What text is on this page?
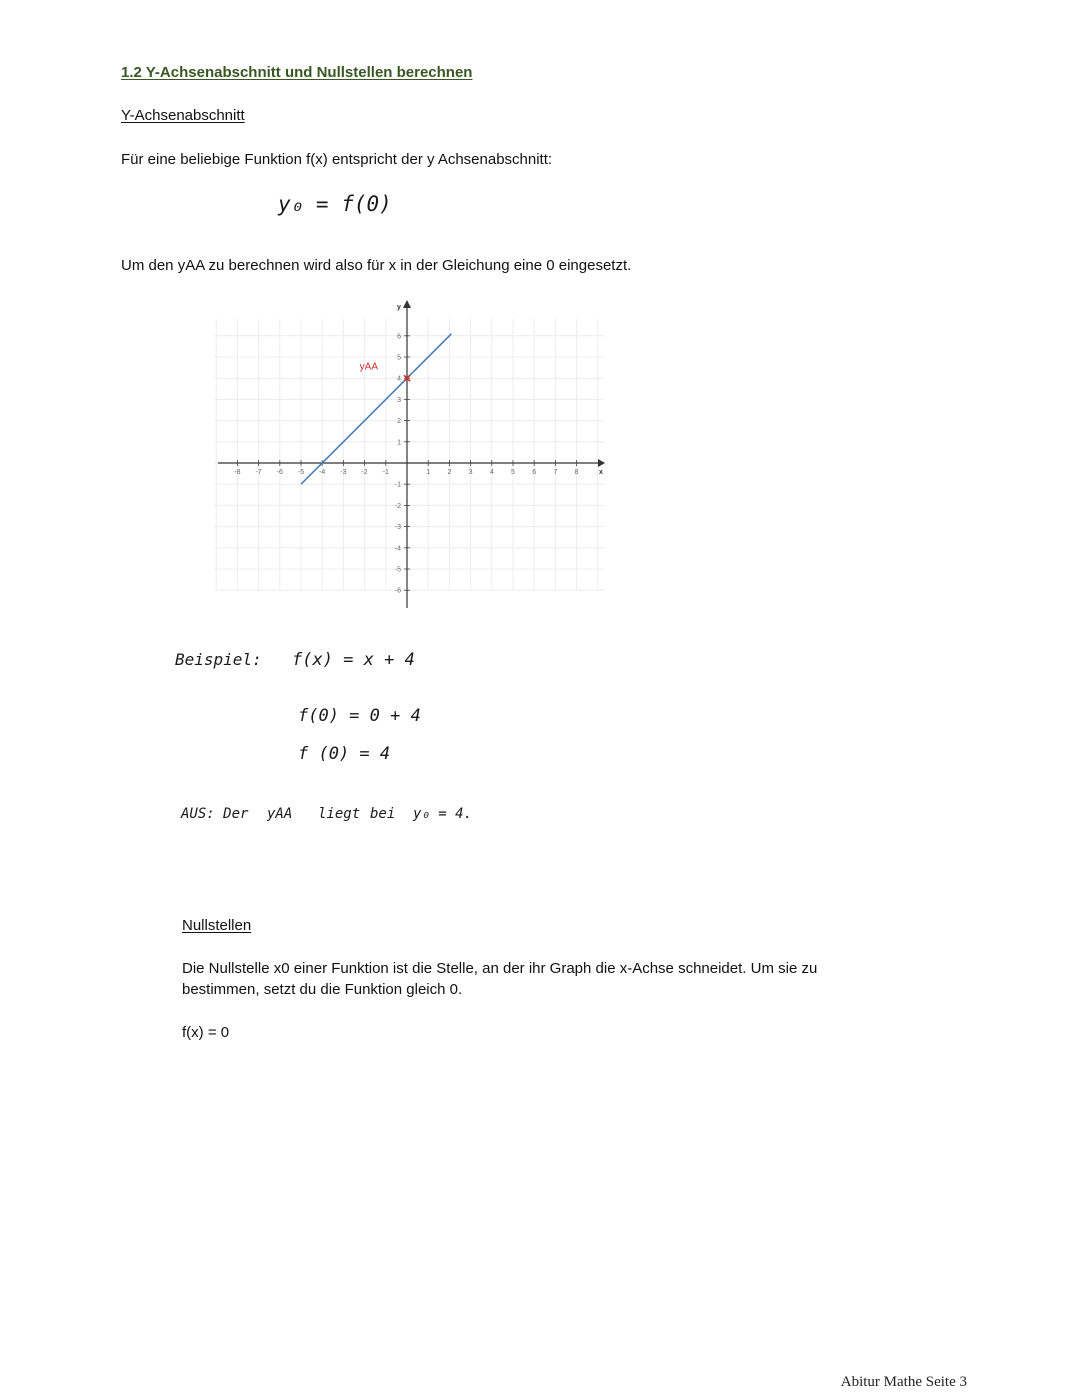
1.2 Y-Achsenabschnitt und Nullstellen berechnen
Y-Achsenabschnitt
Für eine beliebige Funktion f(x) entspricht der y Achsenabschnitt:
y₀ = f(0)
Um den yAA zu berechnen wird also für x in der Gleichung eine 0 eingesetzt.
-8 -7 -6 -5 -4 -3 -2 -1	1 2 3 4 5 6 7 8
6
5
4
3
2
1
-1
-2
-3
-4
-5
-6
x
y
yAA
Beispiel: f(x) = x + 4
f(0) = 0 + 4
f (0) = 4
AUS: Der yAA liegt bei y₀ = 4.
Nullstellen
Die Nullstelle x0 einer Funktion ist die Stelle, an der ihr Graph die x-Achse schneidet. Um sie zu bestimmen, setzt du die Funktion gleich 0.
f(x) = 0
Abitur Mathe Seite 3
